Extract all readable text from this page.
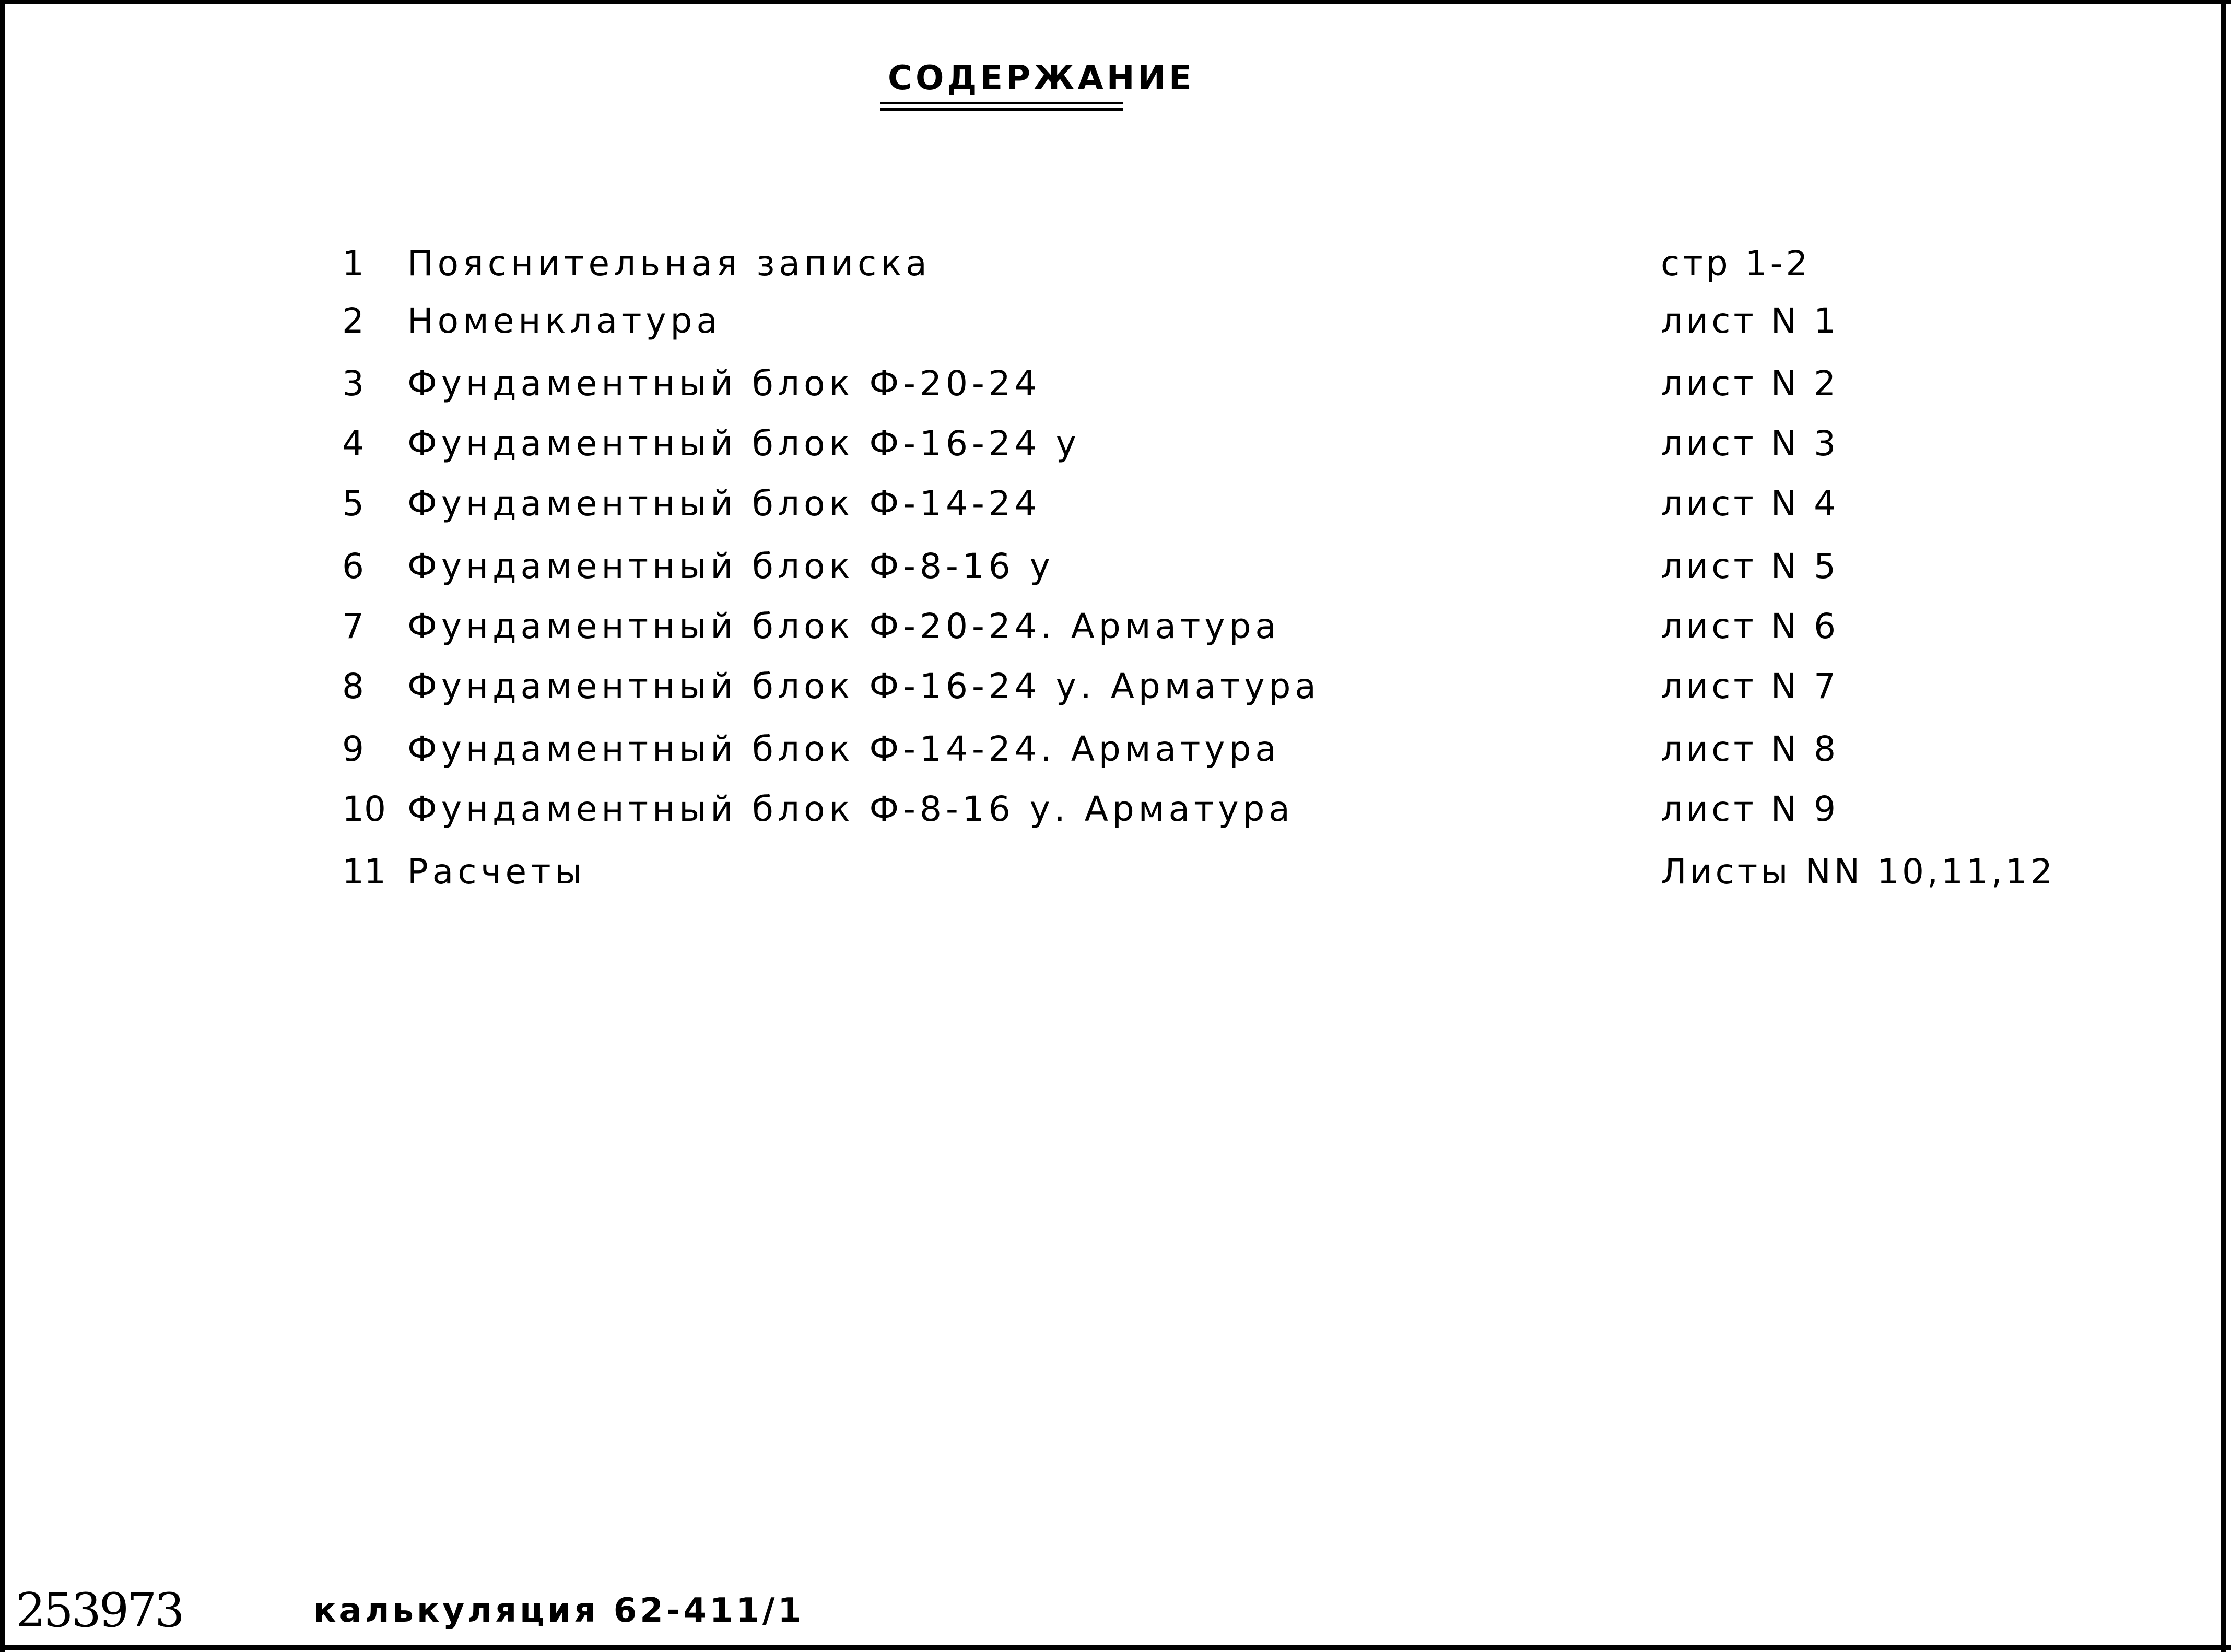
СОДЕРЖАНИЕ
1	Пояснительная записка	стр 1-2
2	Номенклатура	лист N 1
3	Фундаментный блок Ф-20-24	лист N 2
4	Фундаментный блок Ф-16-24 у	лист N 3
5	Фундаментный блок Ф-14-24	лист N 4
6	Фундаментный блок Ф-8-16 у	лист N 5
7	Фундаментный блок Ф-20-24. Арматура	лист N 6
8	Фундаментный блок Ф-16-24 у. Арматура	лист N 7
9	Фундаментный блок Ф-14-24. Арматура	лист N 8
10 Фундаментный блок Ф-8-16 у. Арматура	лист N 9
11 Расчеты	Листы NN 10,11,12
253973	калькуляция 62-411/1
